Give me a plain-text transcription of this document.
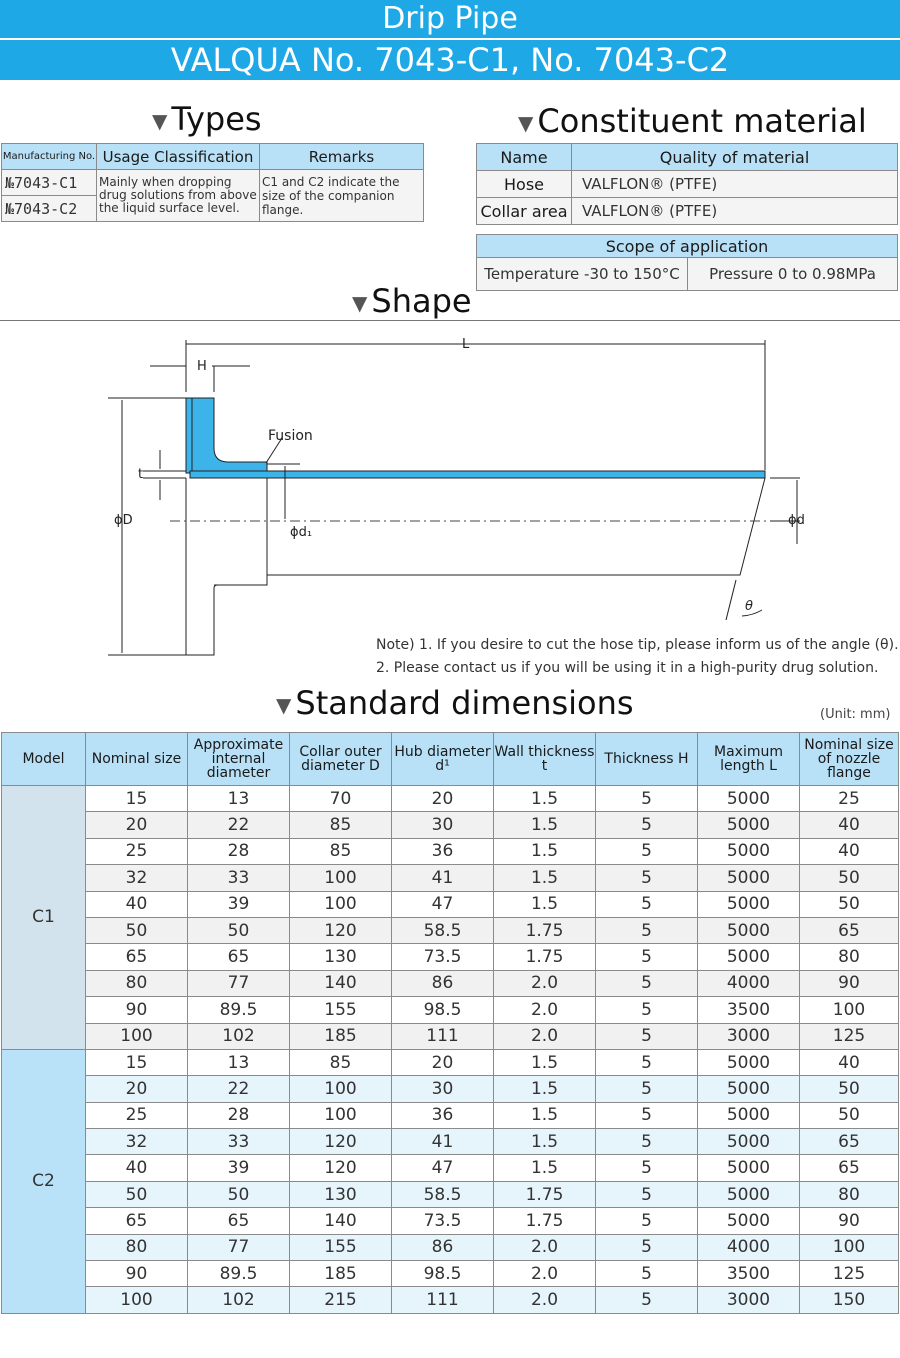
Drip Pipe
VALQUA No. 7043-C1, No. 7043-C2
▼ Types	▼ Constituent material
Manufacturing No.	Usage Classification	Remarks
№7043-C1	Mainly when dropping drug solutions from above the liquid surface level.	C1 and C2 indicate the size of the companion flange.
№7043-C2		
Name	Quality of material
Hose	VALFLON® (PTFE)
Collar area	VALFLON® (PTFE)
Scope of application
Temperature -30 to 150°C	Pressure 0 to 0.98MPa
▼ Shape
L
H
t
ϕD
ϕd₁
ϕd
Fusion
θ
Note) 1. If you desire to cut the hose tip, please inform us of the angle (θ).
2. Please contact us if you will be using it in a high-purity drug solution.
▼ Standard dimensions	(Unit: mm)
Model	Nominal size	Approximate internal diameter	Collar outer diameter D	Hub diameter d¹	Wall thickness t	Thickness H	Maximum length L	Nominal size of nozzle flange
C1	15	13	70	20	1.5	5	5000	25
	20	22	85	30	1.5	5	5000	40
	25	28	85	36	1.5	5	5000	40
	32	33	100	41	1.5	5	5000	50
	40	39	100	47	1.5	5	5000	50
	50	50	120	58.5	1.75	5	5000	65
	65	65	130	73.5	1.75	5	5000	80
	80	77	140	86	2.0	5	4000	90
	90	89.5	155	98.5	2.0	5	3500	100
	100	102	185	111	2.0	5	3000	125
C2	15	13	85	20	1.5	5	5000	40
	20	22	100	30	1.5	5	5000	50
	25	28	100	36	1.5	5	5000	50
	32	33	120	41	1.5	5	5000	65
	40	39	120	47	1.5	5	5000	65
	50	50	130	58.5	1.75	5	5000	80
	65	65	140	73.5	1.75	5	5000	90
	80	77	155	86	2.0	5	4000	100
	90	89.5	185	98.5	2.0	5	3500	125
	100	102	215	111	2.0	5	3000	150
